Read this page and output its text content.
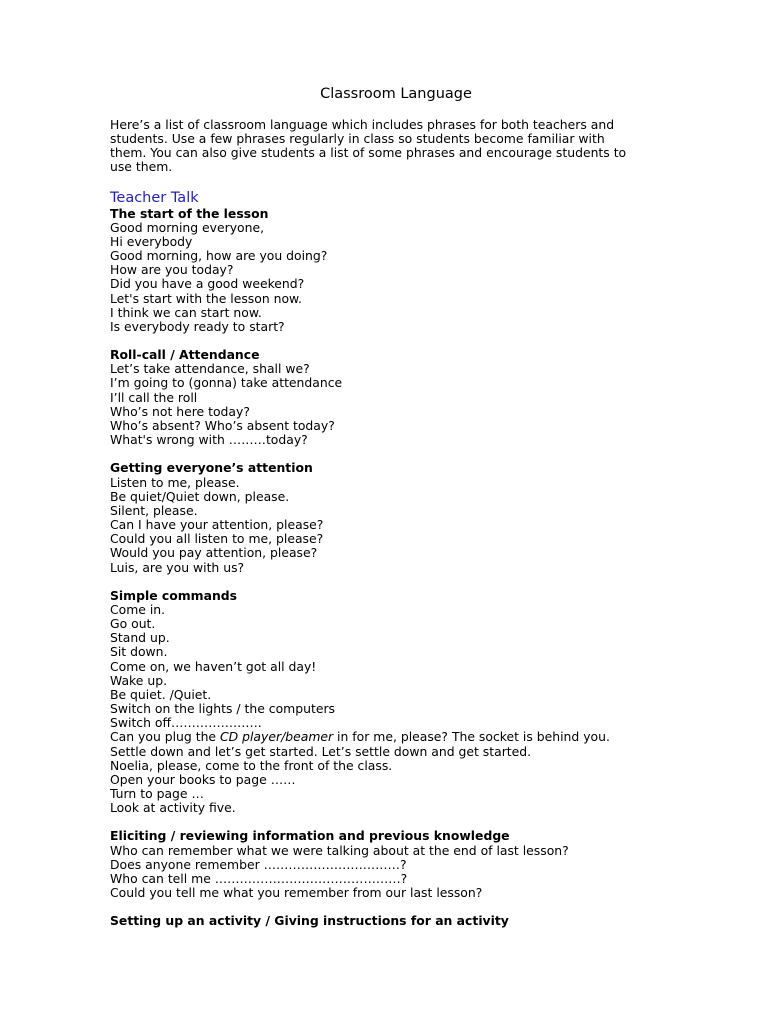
Classroom Language

Here’s a list of classroom language which includes phrases for both teachers and

students. Use a few phrases regularly in class so students become familiar with

them. You can also give students a list of some phrases and encourage students to

use them.

Teacher Talk
The start of the lesson
Good morning everyone,
Hi everybody
Good morning, how are you doing?
How are you today?
Did you have a good weekend?
Let's start with the lesson now.
I think we can start now.
Is everybody ready to start?
Roll-call / Attendance
Let’s take attendance, shall we?
I’m going to (gonna) take attendance
I’ll call the roll
Who’s not here today?
Who’s absent? Who’s absent today?
What's wrong with ………today?
Getting everyone’s attention
Listen to me, please.
Be quiet/Quiet down, please.
Silent, please.
Can I have your attention, please?
Could you all listen to me, please?
Would you pay attention, please?
Luis, are you with us?
Simple commands
Come in.
Go out.
Stand up.
Sit down.
Come on, we haven’t got all day!
Wake up.
Be quiet. /Quiet.
Switch on the lights / the computers
Switch off………………….
Can you plug the CD player/beamer in for me, please? The socket is behind you.
Settle down and let’s get started. Let’s settle down and get started.
Noelia, please, come to the front of the class.
Open your books to page ……
Turn to page …
Look at activity five.
Eliciting / reviewing information and previous knowledge
Who can remember what we were talking about at the end of last lesson?
Does anyone remember ……………………………?
Who can tell me ………………………………………?
Could you tell me what you remember from our last lesson?
Setting up an activity / Giving instructions for an activity
